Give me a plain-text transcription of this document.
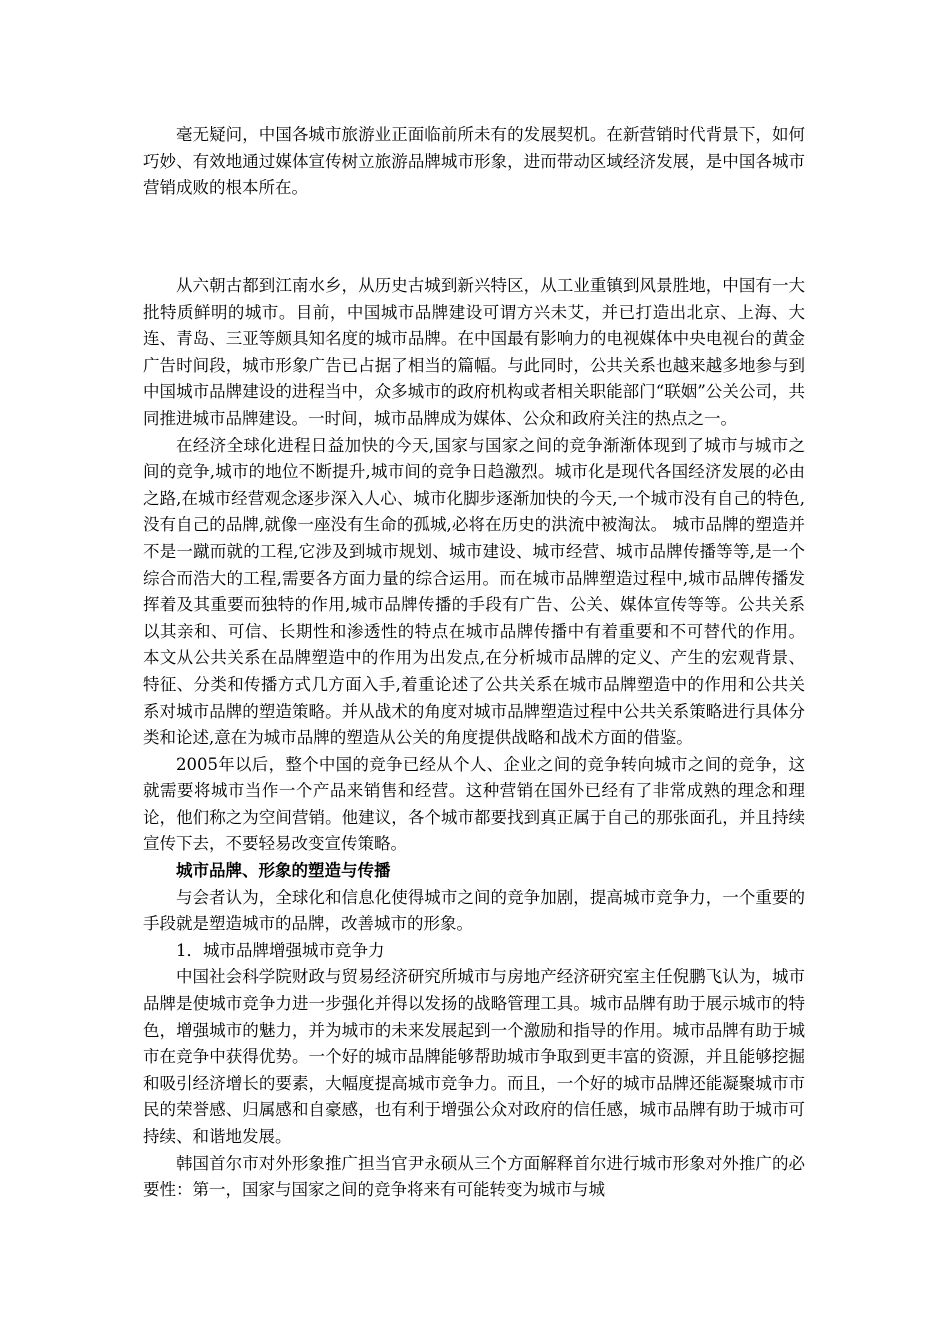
毫无疑问，中国各城市旅游业正面临前所未有的发展契机。在新营销时代背景下，如何巧妙、有效地通过媒体宣传树立旅游品牌城市形象，进而带动区域经济发展，是中国各城市营销成败的根本所在。

从六朝古都到江南水乡，从历史古城到新兴特区，从工业重镇到风景胜地，中国有一大批特质鲜明的城市。目前，中国城市品牌建设可谓方兴未艾，并已打造出北京、上海、大连、青岛、三亚等颇具知名度的城市品牌。在中国最有影响力的电视媒体中央电视台的黄金广告时间段，城市形象广告已占据了相当的篇幅。与此同时，公共关系也越来越多地参与到中国城市品牌建设的进程当中，众多城市的政府机构或者相关职能部门“联姻”公关公司，共同推进城市品牌建设。一时间，城市品牌成为媒体、公众和政府关注的热点之一。

在经济全球化进程日益加快的今天,国家与国家之间的竞争渐渐体现到了城市与城市之间的竞争,城市的地位不断提升,城市间的竞争日趋激烈。城市化是现代各国经济发展的必由之路,在城市经营观念逐步深入人心、城市化脚步逐渐加快的今天,一个城市没有自己的特色,没有自己的品牌,就像一座没有生命的孤城,必将在历史的洪流中被淘汰。 城市品牌的塑造并不是一蹴而就的工程,它涉及到城市规划、城市建设、城市经营、城市品牌传播等等,是一个综合而浩大的工程,需要各方面力量的综合运用。而在城市品牌塑造过程中,城市品牌传播发挥着及其重要而独特的作用,城市品牌传播的手段有广告、公关、媒体宣传等等。公共关系以其亲和、可信、长期性和渗透性的特点在城市品牌传播中有着重要和不可替代的作用。 本文从公共关系在品牌塑造中的作用为出发点,在分析城市品牌的定义、产生的宏观背景、特征、分类和传播方式几方面入手,着重论述了公共关系在城市品牌塑造中的作用和公共关系对城市品牌的塑造策略。并从战术的角度对城市品牌塑造过程中公共关系策略进行具体分类和论述,意在为城市品牌的塑造从公关的角度提供战略和战术方面的借鉴。

2005年以后，整个中国的竞争已经从个人、企业之间的竞争转向城市之间的竞争，这就需要将城市当作一个产品来销售和经营。这种营销在国外已经有了非常成熟的理念和理论，他们称之为空间营销。他建议，各个城市都要找到真正属于自己的那张面孔，并且持续宣传下去，不要轻易改变宣传策略。

城市品牌、形象的塑造与传播

与会者认为，全球化和信息化使得城市之间的竞争加剧，提高城市竞争力，一个重要的手段就是塑造城市的品牌，改善城市的形象。

1．城市品牌增强城市竞争力

中国社会科学院财政与贸易经济研究所城市与房地产经济研究室主任倪鹏飞认为，城市品牌是使城市竞争力进一步强化并得以发扬的战略管理工具。城市品牌有助于展示城市的特色，增强城市的魅力，并为城市的未来发展起到一个激励和指导的作用。城市品牌有助于城市在竞争中获得优势。一个好的城市品牌能够帮助城市争取到更丰富的资源，并且能够挖掘和吸引经济增长的要素，大幅度提高城市竞争力。而且，一个好的城市品牌还能凝聚城市市民的荣誉感、归属感和自豪感，也有利于增强公众对政府的信任感，城市品牌有助于城市可持续、和谐地发展。

韩国首尔市对外形象推广担当官尹永硕从三个方面解释首尔进行城市形象对外推广的必要性：第一，国家与国家之间的竞争将来有可能转变为城市与城
